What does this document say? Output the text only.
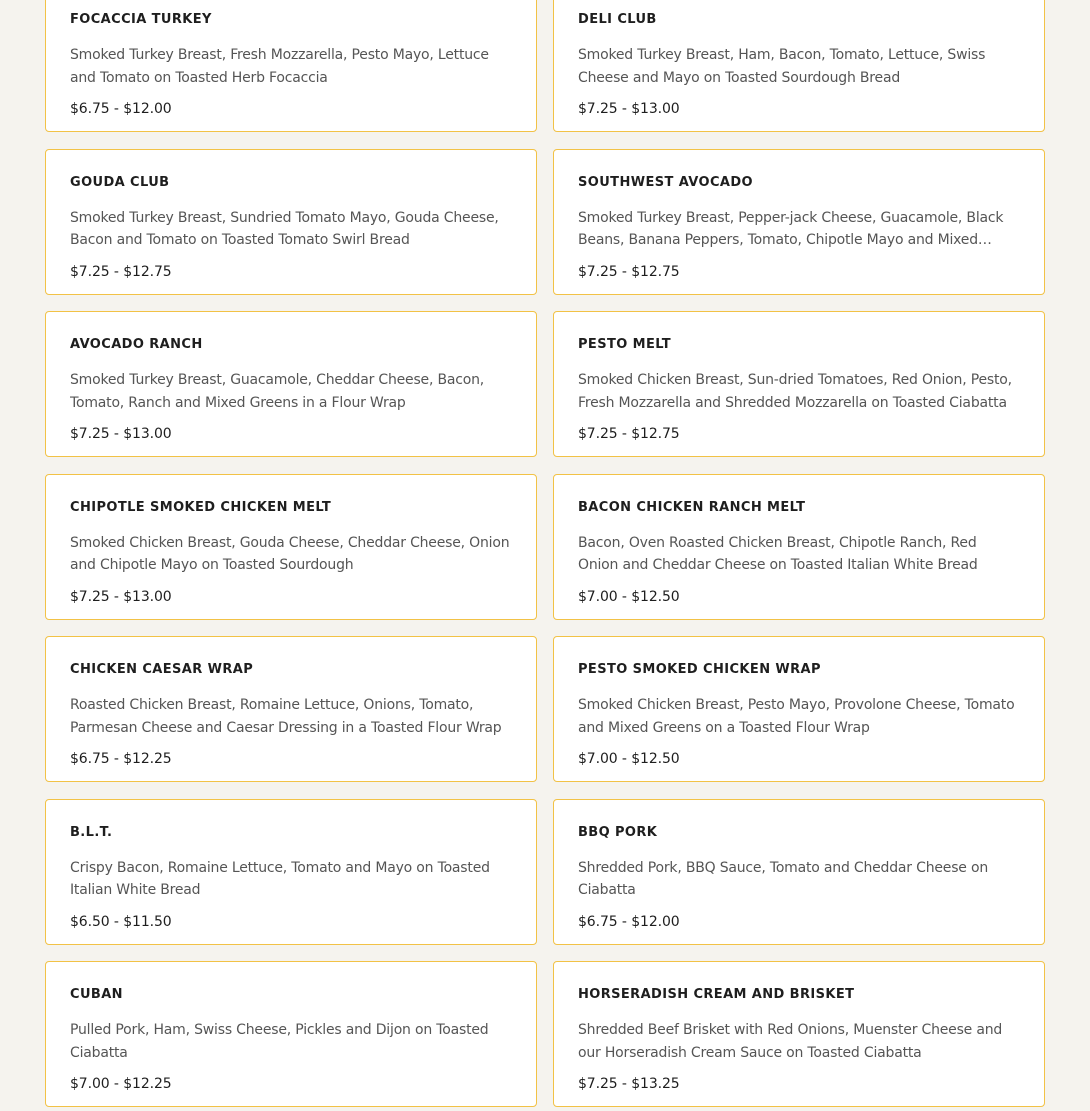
FOCACCIA TURKEY
Smoked Turkey Breast, Fresh Mozzarella, Pesto Mayo, Lettuce and Tomato on Toasted Herb Focaccia
$6.75 - $12.00
DELI CLUB
Smoked Turkey Breast, Ham, Bacon, Tomato, Lettuce, Swiss Cheese and Mayo on Toasted Sourdough Bread
$7.25 - $13.00
GOUDA CLUB
Smoked Turkey Breast, Sundried Tomato Mayo, Gouda Cheese, Bacon and Tomato on Toasted Tomato Swirl Bread
$7.25 - $12.75
SOUTHWEST AVOCADO
Smoked Turkey Breast, Pepper-jack Cheese, Guacamole, Black Beans, Banana Peppers, Tomato, Chipotle Mayo and Mixed
$7.25 - $12.75
AVOCADO RANCH
Smoked Turkey Breast, Guacamole, Cheddar Cheese, Bacon, Tomato, Ranch and Mixed Greens in a Flour Wrap
$7.25 - $13.00
PESTO MELT
Smoked Chicken Breast, Sun-dried Tomatoes, Red Onion, Pesto, Fresh Mozzarella and Shredded Mozzarella on Toasted Ciabatta
$7.25 - $12.75
CHIPOTLE SMOKED CHICKEN MELT
Smoked Chicken Breast, Gouda Cheese, Cheddar Cheese, Onion and Chipotle Mayo on Toasted Sourdough
$7.25 - $13.00
BACON CHICKEN RANCH MELT
Bacon, Oven Roasted Chicken Breast, Chipotle Ranch, Red Onion and Cheddar Cheese on Toasted Italian White Bread
$7.00 - $12.50
CHICKEN CAESAR WRAP
Roasted Chicken Breast, Romaine Lettuce, Onions, Tomato, Parmesan Cheese and Caesar Dressing in a Toasted Flour Wrap
$6.75 - $12.25
PESTO SMOKED CHICKEN WRAP
Smoked Chicken Breast, Pesto Mayo, Provolone Cheese, Tomato and Mixed Greens on a Toasted Flour Wrap
$7.00 - $12.50
B.L.T.
Crispy Bacon, Romaine Lettuce, Tomato and Mayo on Toasted Italian White Bread
$6.50 - $11.50
BBQ PORK
Shredded Pork, BBQ Sauce, Tomato and Cheddar Cheese on Ciabatta
$6.75 - $12.00
CUBAN
Pulled Pork, Ham, Swiss Cheese, Pickles and Dijon on Toasted Ciabatta
$7.00 - $12.25
HORSERADISH CREAM AND BRISKET
Shredded Beef Brisket with Red Onions, Muenster Cheese and our Horseradish Cream Sauce on Toasted Ciabatta
$7.25 - $13.25
